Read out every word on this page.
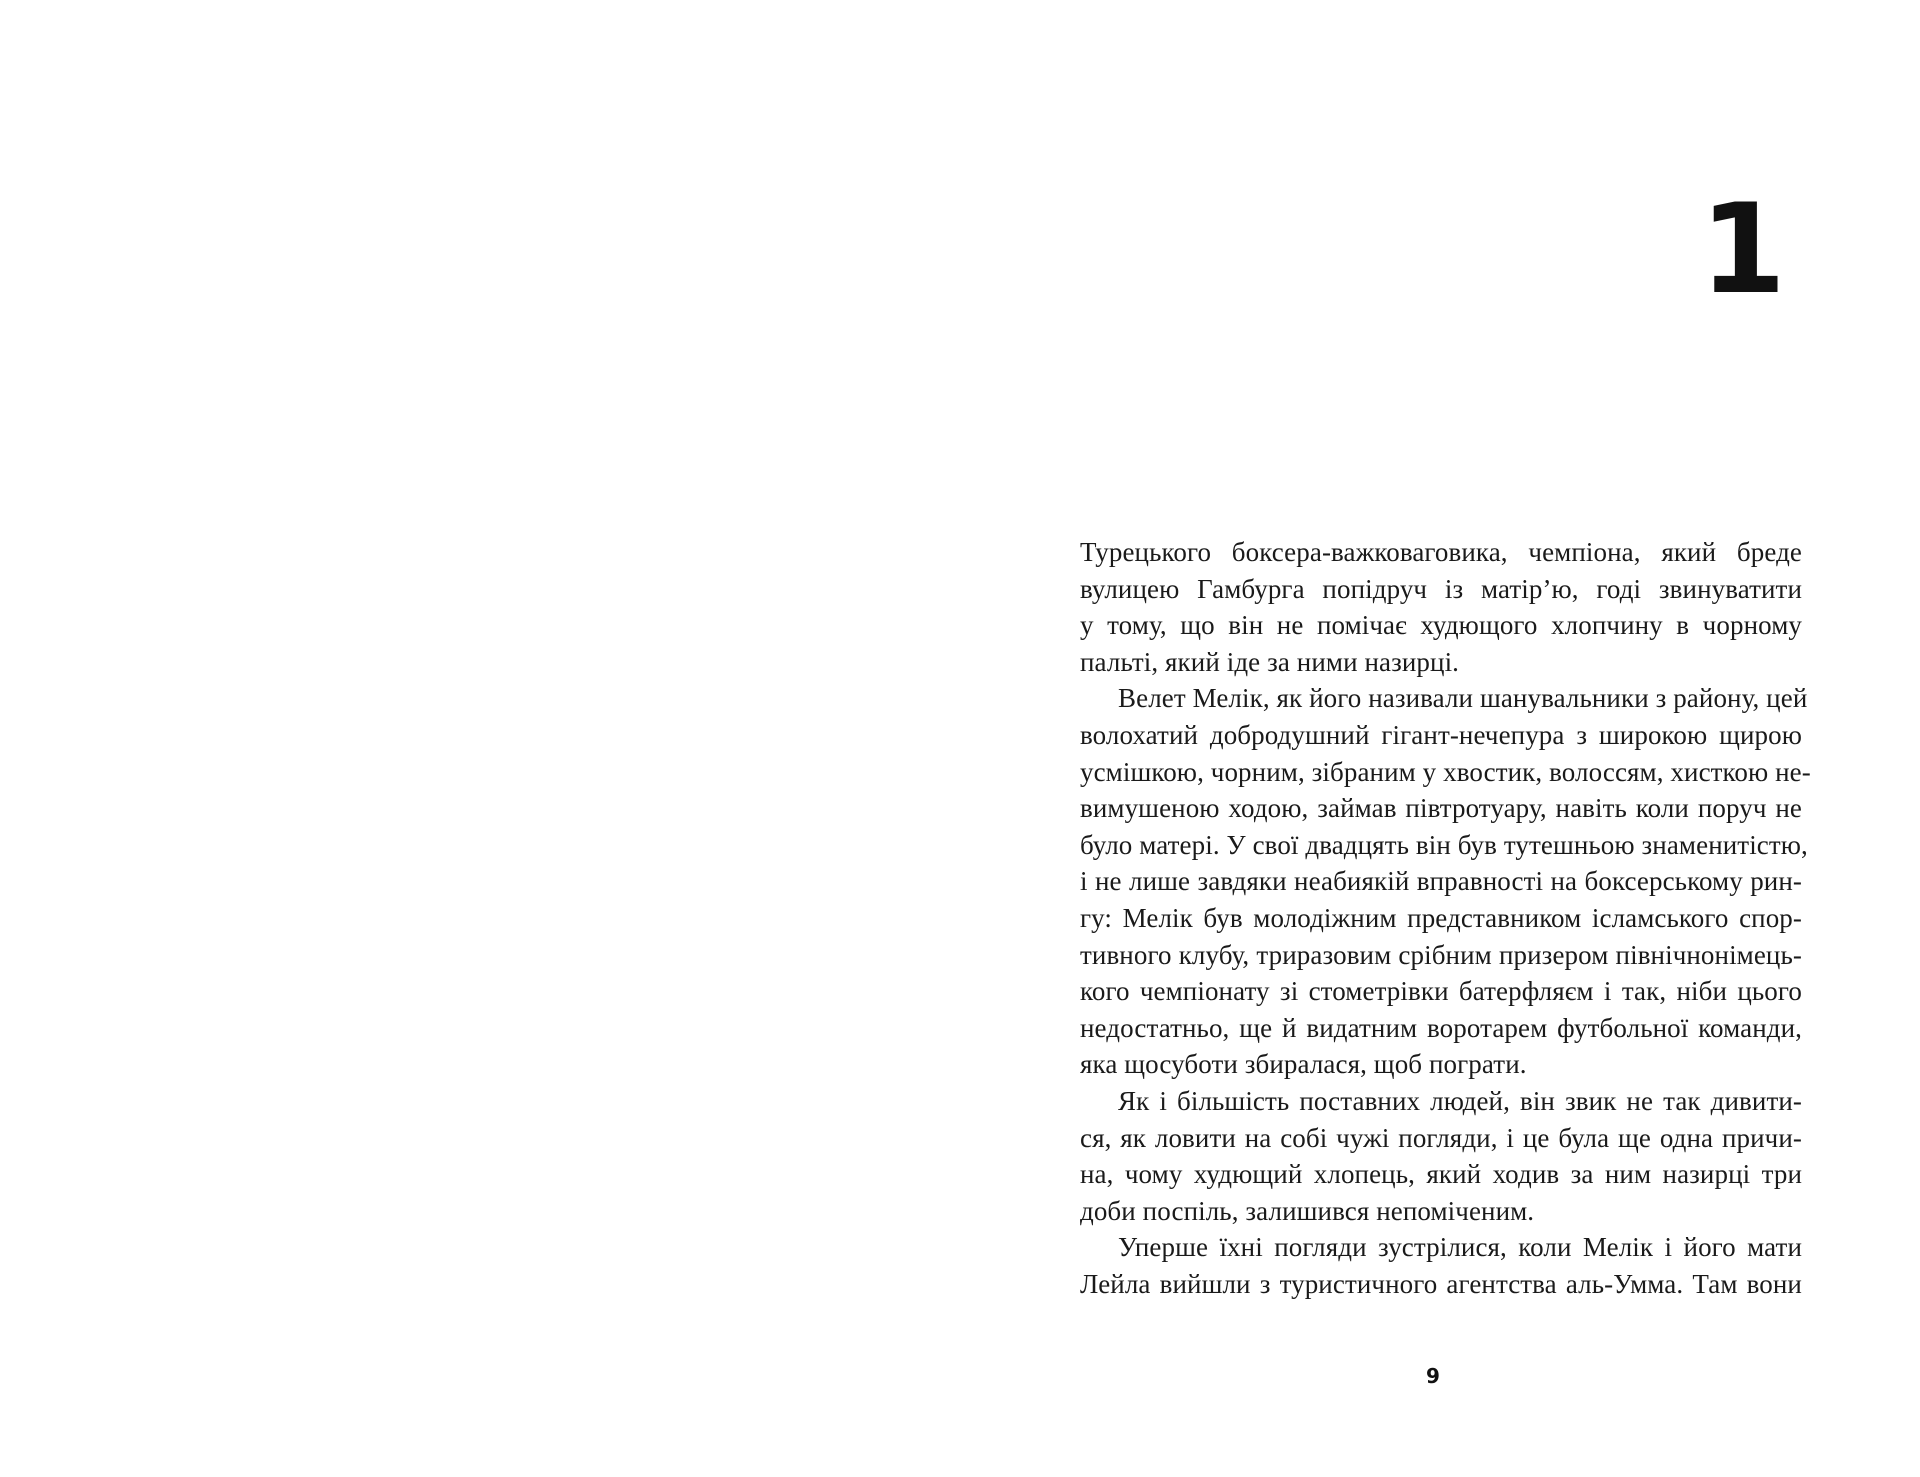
1

Турецького боксера-важковаговика, чемпіона, який бреде
вулицею Гамбурга попідруч із матір’ю, годі звинуватити
у тому, що він не помічає худющого хлопчину в чорному
пальті, який іде за ними назирці.

Велет Мелік, як його називали шанувальники з району, цей
волохатий добродушний гігант-нечепура з широкою щирою
усмішкою, чорним, зібраним у хвостик, волоссям, хисткою не-
вимушеною ходою, займав півтротуару, навіть коли поруч не
було матері. У свої двадцять він був тутешньою знаменитістю,
і не лише завдяки неабиякій вправності на боксерському рин-
гу: Мелік був молодіжним представником ісламського спор-
тивного клубу, триразовим срібним призером північнонімець-
кого чемпіонату зі стометрівки батерфляєм і так, ніби цього
недостатньо, ще й видатним воротарем футбольної команди,
яка щосуботи збиралася, щоб пограти.

Як і більшість поставних людей, він звик не так дивити-
ся, як ловити на собі чужі погляди, і це була ще одна причи-
на, чому худющий хлопець, який ходив за ним назирці три
доби поспіль, залишився непоміченим.

Уперше їхні погляди зустрілися, коли Мелік і його мати
Лейла вийшли з туристичного агентства аль-Умма. Там вони

9
